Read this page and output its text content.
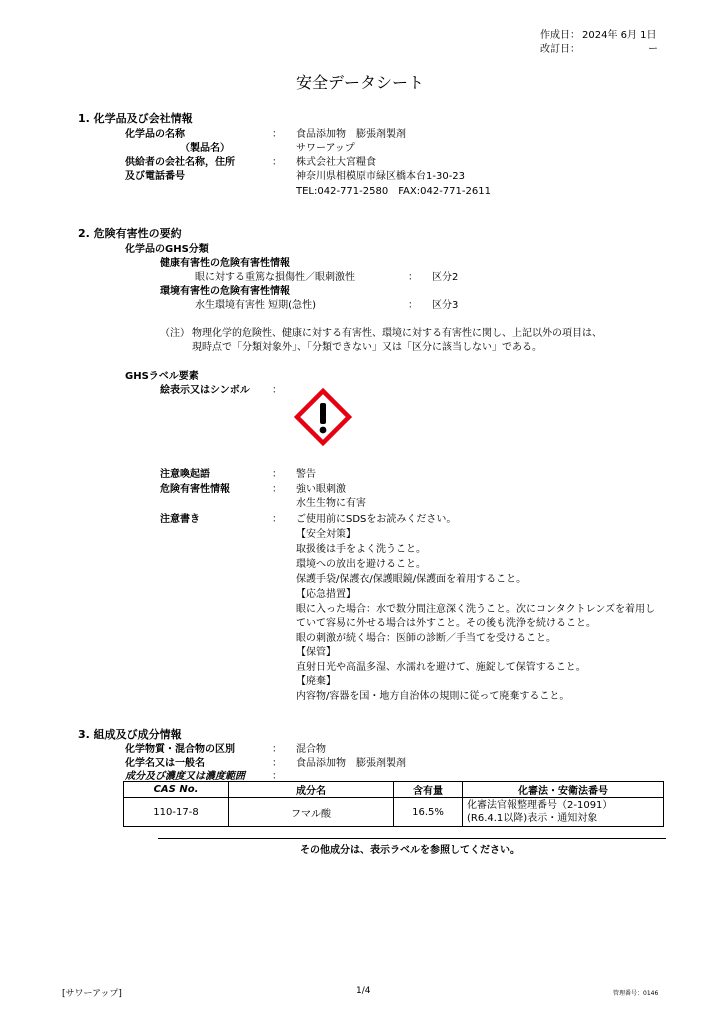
作成日： 2024年 6月 1日
改訂日：	ー
安全データシート
1. 化学品及び会社情報
化学品の名称	： 食品添加物　膨張剤製剤
（製品名）	サワーアップ
供給者の会社名称，住所	： 株式会社大宮糧食
及び電話番号	神奈川県相模原市緑区橋本台1-30-23
TEL:042-771-2580　FAX:042-771-2611
2. 危険有害性の要約
化学品のGHS分類
健康有害性の危険有害性情報
眼に対する重篤な損傷性／眼刺激性	： 区分2
環境有害性の危険有害性情報
水生環境有害性 短期(急性)	： 区分3
（注） 物理化学的危険性、健康に対する有害性、環境に対する有害性に関し、上記以外の項目は、
現時点で「分類対象外」、「分類できない」又は「区分に該当しない」である。
GHSラベル要素
絵表示又はシンボル ：
注意喚起語	： 警告
危険有害性情報	： 強い眼刺激
水生生物に有害
注意書き	： ご使用前にSDSをお読みください。
【安全対策】
取扱後は手をよく洗うこと。
環境への放出を避けること。
保護手袋/保護衣/保護眼鏡/保護面を着用すること。
【応急措置】
眼に入った場合：水で数分間注意深く洗うこと。次にコンタクトレンズを着用し
ていて容易に外せる場合は外すこと。その後も洗浄を続けること。
眼の刺激が続く場合：医師の診断／手当てを受けること。
【保管】
直射日光や高温多湿、水濡れを避けて、施錠して保管すること。
【廃棄】
内容物/容器を国・地方自治体の規則に従って廃棄すること。
3. 組成及び成分情報
化学物質・混合物の区別	： 混合物
化学名又は一般名	： 食品添加物　膨張剤製剤
成分及び濃度又は濃度範囲	：
CAS No.	成分名	含有量	化審法・安衛法番号
110-17-8	フマル酸	16.5%	化審法官報整理番号（2-1091）
(R6.4.1以降)表示・通知対象
その他成分は、表示ラベルを参照してください。
[サワーアップ]	1/4	管理番号：0146
